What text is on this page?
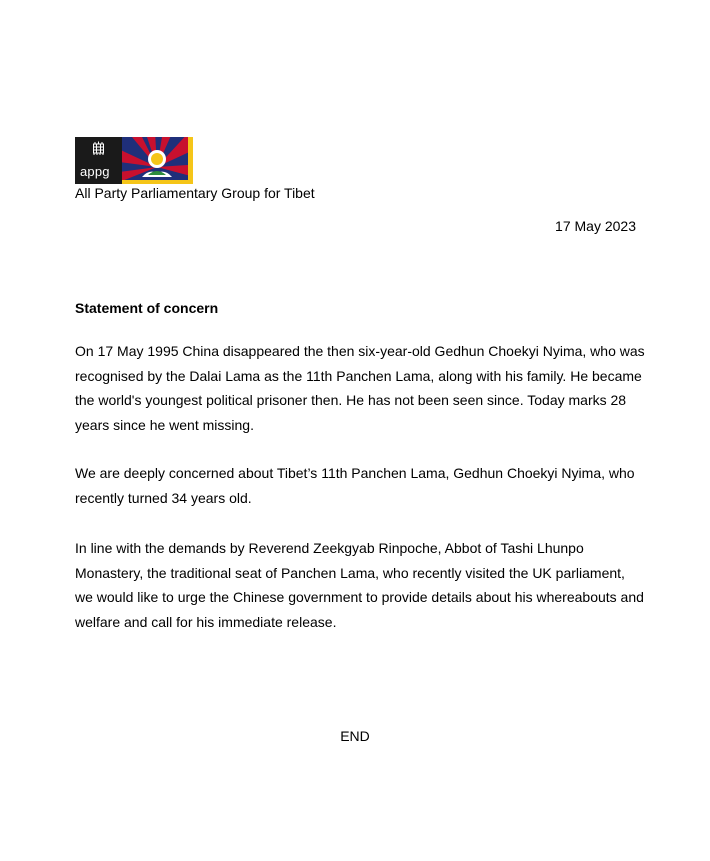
appg
All Party Parliamentary Group for Tibet
17 May 2023
Statement of concern

On 17 May 1995 China disappeared the then six-year-old Gedhun Choekyi Nyima, who was recognised by the Dalai Lama as the 11th Panchen Lama, along with his family. He became the world's youngest political prisoner then. He has not been seen since. Today marks 28 years since he went missing.

We are deeply concerned about Tibet’s 11th Panchen Lama, Gedhun Choekyi Nyima, who recently turned 34 years old.

In line with the demands by Reverend Zeekgyab Rinpoche, Abbot of Tashi Lhunpo Monastery, the traditional seat of Panchen Lama, who recently visited the UK parliament, we would like to urge the Chinese government to provide details about his whereabouts and welfare and call for his immediate release.

END
